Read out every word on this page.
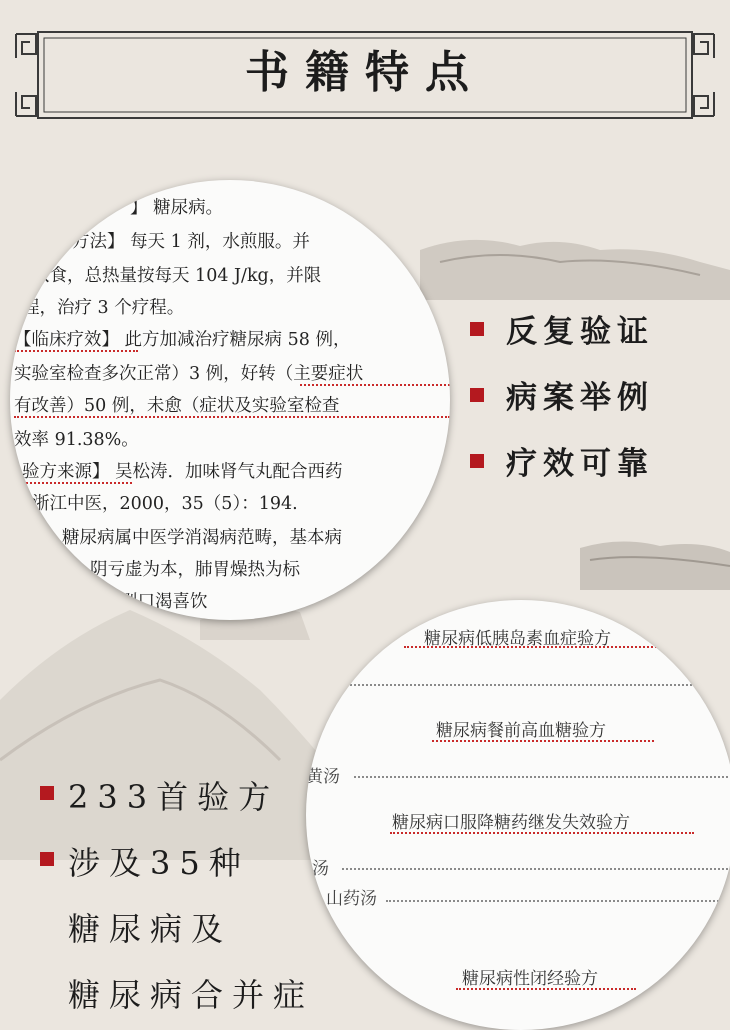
书籍特点
】 糖尿病。
方法】 每天 1 剂，水煎服。并
饮食，总热量按每天 104 J/kg，并限
程，治疗 3 个疗程。
【临床疗效】 此方加减治疗糖尿病 58 例，
实验室检查多次正常）3 例，好转（主要症状
有改善）50 例，未愈（症状及实验室检查
效率 91.38%。
验方来源】 吴松涛．加味肾气丸配合西药
浙江中医，2000，35（5）：194.
糖尿病属中医学消渴病范畴，基本病
阴亏虚为本，肺胃燥热为标
则口渴喜饮
反复验证
病案举例
疗效可靠
糖尿病低胰岛素血症验方
糖尿病餐前高血糖验方
黄汤
糖尿病口服降糖药继发失效验方
汤
山药汤
糖尿病性闭经验方
233首验方
涉及35种
糖尿病及
糖尿病合并症
